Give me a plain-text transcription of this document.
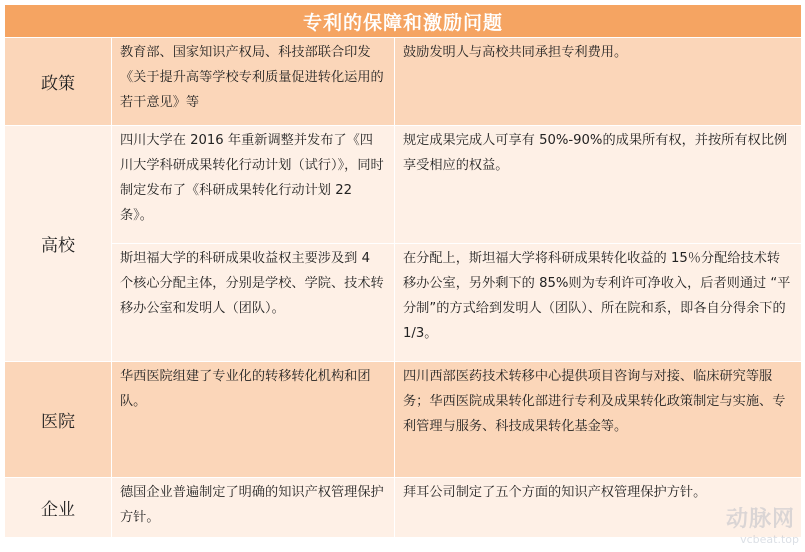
专利的保障和激励问题		
政策	教育部、国家知识产权局、科技部联合印发《关于提升高等学校专利质量促进转化运用的若干意见》等	鼓励发明人与高校共同承担专利费用。
高校	四川大学在 2016 年重新调整并发布了《四川大学科研成果转化行动计划（试行）》，同时制定发布了《科研成果转化行动计划 22 条》。	规定成果完成人可享有 50%-90%的成果所有权，并按所有权比例享受相应的权益。
	斯坦福大学的科研成果收益权主要涉及到 4 个核心分配主体，分别是学校、学院、技术转移办公室和发明人（团队）。	在分配上，斯坦福大学将科研成果转化收益的 15％分配给技术转移办公室，另外剩下的 85%则为专利许可净收入，后者则通过 “平分制”的方式给到发明人（团队）、所在院和系，即各自分得余下的 1/3。
医院	华西医院组建了专业化的转移转化机构和团队。	四川西部医药技术转移中心提供项目咨询与对接、临床研究等服务；华西医院成果转化部进行专利及成果转化政策制定与实施、专利管理与服务、科技成果转化基金等。
企业	德国企业普遍制定了明确的知识产权管理保护方针。	拜耳公司制定了五个方面的知识产权管理保护方针。
动脉网
vcbeat.top
